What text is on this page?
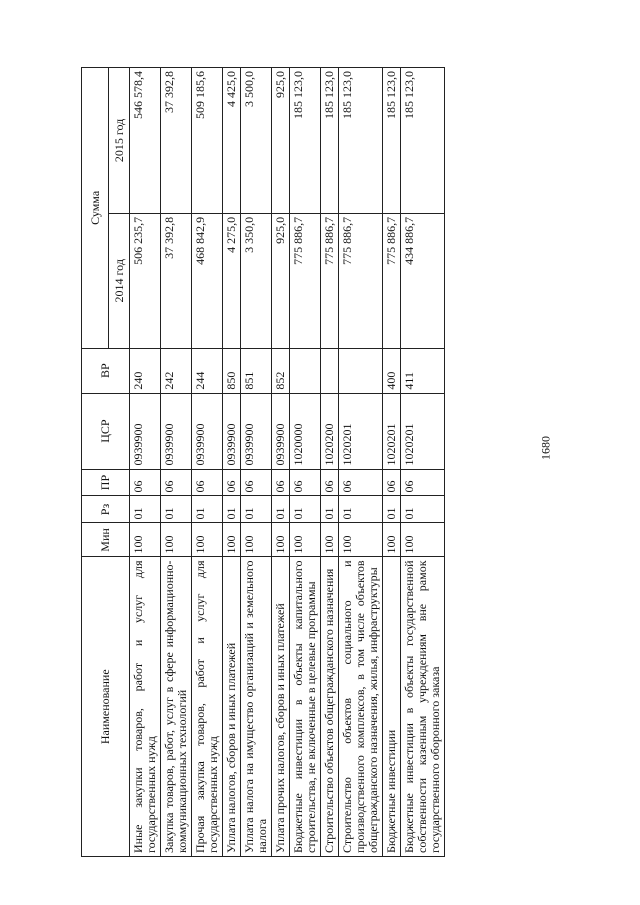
1680
Наименование	Мин	Рз	ПР	ЦСР	ВР	Сумма	
						2014 год	2015 год
Иные закупки товаров, работ и услуг для государственных нужд	100	01	06	0939900	240	506 235,7	546 578,4
Закупка товаров, работ, услуг в сфере информационно-коммуникационных технологий	100	01	06	0939900	242	37 392,8	37 392,8
Прочая закупка товаров, работ и услуг для государственных нужд	100	01	06	0939900	244	468 842,9	509 185,6
Уплата налогов, сборов и иных платежей	100	01	06	0939900	850	4 275,0	4 425,0
Уплата налога на имущество организаций и земельного налога	100	01	06	0939900	851	3 350,0	3 500,0
Уплата прочих налогов, сборов и иных платежей	100	01	06	0939900	852	925,0	925,0
Бюджетные инвестиции в объекты капитального строительства, не включенные в целевые программы	100	01	06	1020000		775 886,7	185 123,0
Строительство объектов общегражданского назначения	100	01	06	1020200		775 886,7	185 123,0
Строительство объектов социального и производственного комплексов, в том числе объектов общегражданского назначения, жилья, инфраструктуры	100	01	06	1020201		775 886,7	185 123,0
Бюджетные инвестиции	100	01	06	1020201	400	775 886,7	185 123,0
Бюджетные инвестиции в объекты государственной собственности казенным учреждениям вне рамок государственного оборонного заказа	100	01	06	1020201	411	434 886,7	185 123,0
